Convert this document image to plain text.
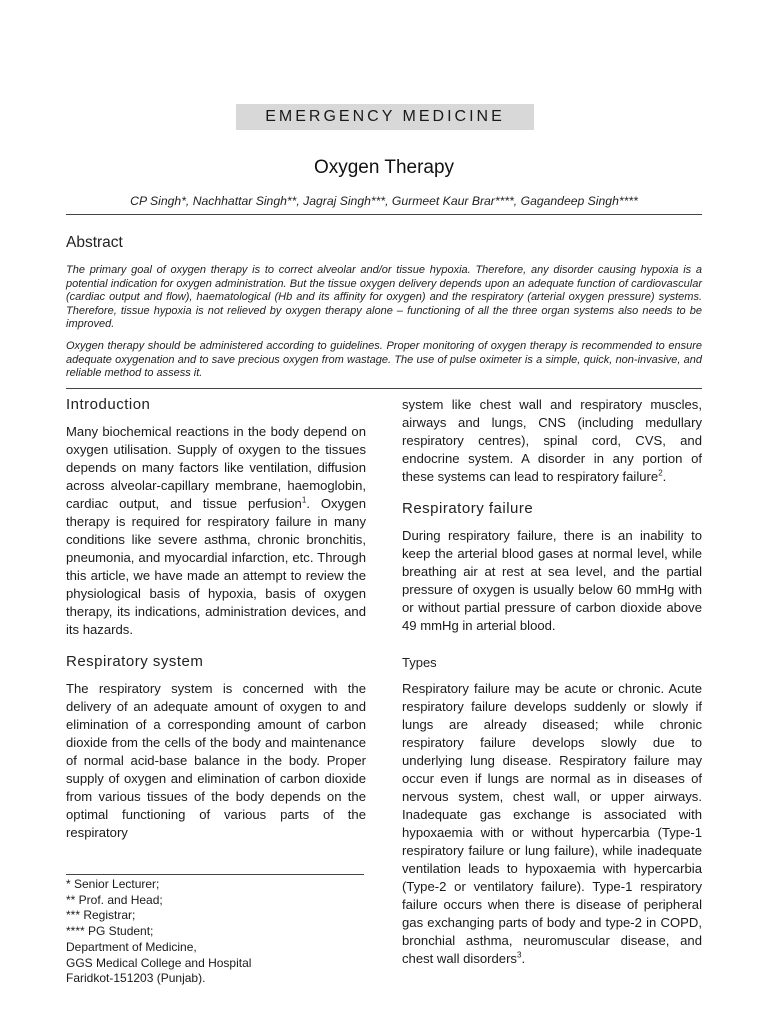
EMERGENCY MEDICINE
Oxygen Therapy
CP Singh*, Nachhattar Singh**, Jagraj Singh***, Gurmeet Kaur Brar****, Gagandeep Singh****
Abstract

The primary goal of oxygen therapy is to correct alveolar and/or tissue hypoxia. Therefore, any disorder causing hypoxia is a potential indication for oxygen administration. But the tissue oxygen delivery depends upon an adequate function of cardiovascular (cardiac output and flow), haematological (Hb and its affinity for oxygen) and the respiratory (arterial oxygen pressure) systems. Therefore, tissue hypoxia is not relieved by oxygen therapy alone – functioning of all the three organ systems also needs to be improved.

Oxygen therapy should be administered according to guidelines. Proper monitoring of oxygen therapy is recommended to ensure adequate oxygenation and to save precious oxygen from wastage. The use of pulse oximeter is a simple, quick, non-invasive, and reliable method to assess it.

Introduction

Many biochemical reactions in the body depend on oxygen utilisation. Supply of oxygen to the tissues depends on many factors like ventilation, diffusion across alveolar-capillary membrane, haemoglobin, cardiac output, and tissue perfusion$^1$. Oxygen therapy is required for respiratory failure in many conditions like severe asthma, chronic bronchitis, pneumonia, and myocardial infarction, etc. Through this article, we have made an attempt to review the physiological basis of hypoxia, basis of oxygen therapy, its indications, administration devices, and its hazards.

Respiratory system

The respiratory system is concerned with the delivery of an adequate amount of oxygen to and elimination of a corresponding amount of carbon dioxide from the cells of the body and maintenance of normal acid-base balance in the body. Proper supply of oxygen and elimination of carbon dioxide from various tissues of the body depends on the optimal functioning of various parts of the respiratory

* Senior Lecturer;
** Prof. and Head;
*** Registrar;
**** PG Student;
Department of Medicine,
GGS Medical College and Hospital
Faridkot-151203 (Punjab).

system like chest wall and respiratory muscles, airways and lungs, CNS (including medullary respiratory centres), spinal cord, CVS, and endocrine system. A disorder in any portion of these systems can lead to respiratory failure$^2$.

Respiratory failure

During respiratory failure, there is an inability to keep the arterial blood gases at normal level, while breathing air at rest at sea level, and the partial pressure of oxygen is usually below 60 mmHg with or without partial pressure of carbon dioxide above 49 mmHg in arterial blood.

Types

Respiratory failure may be acute or chronic. Acute respiratory failure develops suddenly or slowly if lungs are already diseased; while chronic respiratory failure develops slowly due to underlying lung disease. Respiratory failure may occur even if lungs are normal as in diseases of nervous system, chest wall, or upper airways. Inadequate gas exchange is associated with hypoxaemia with or without hypercarbia (Type-1 respiratory failure or lung failure), while inadequate ventilation leads to hypoxaemia with hypercarbia (Type-2 or ventilatory failure). Type-1 respiratory failure occurs when there is disease of peripheral gas exchanging parts of body and type-2 in COPD, bronchial asthma, neuromuscular disease, and chest wall disorders$^3$.
